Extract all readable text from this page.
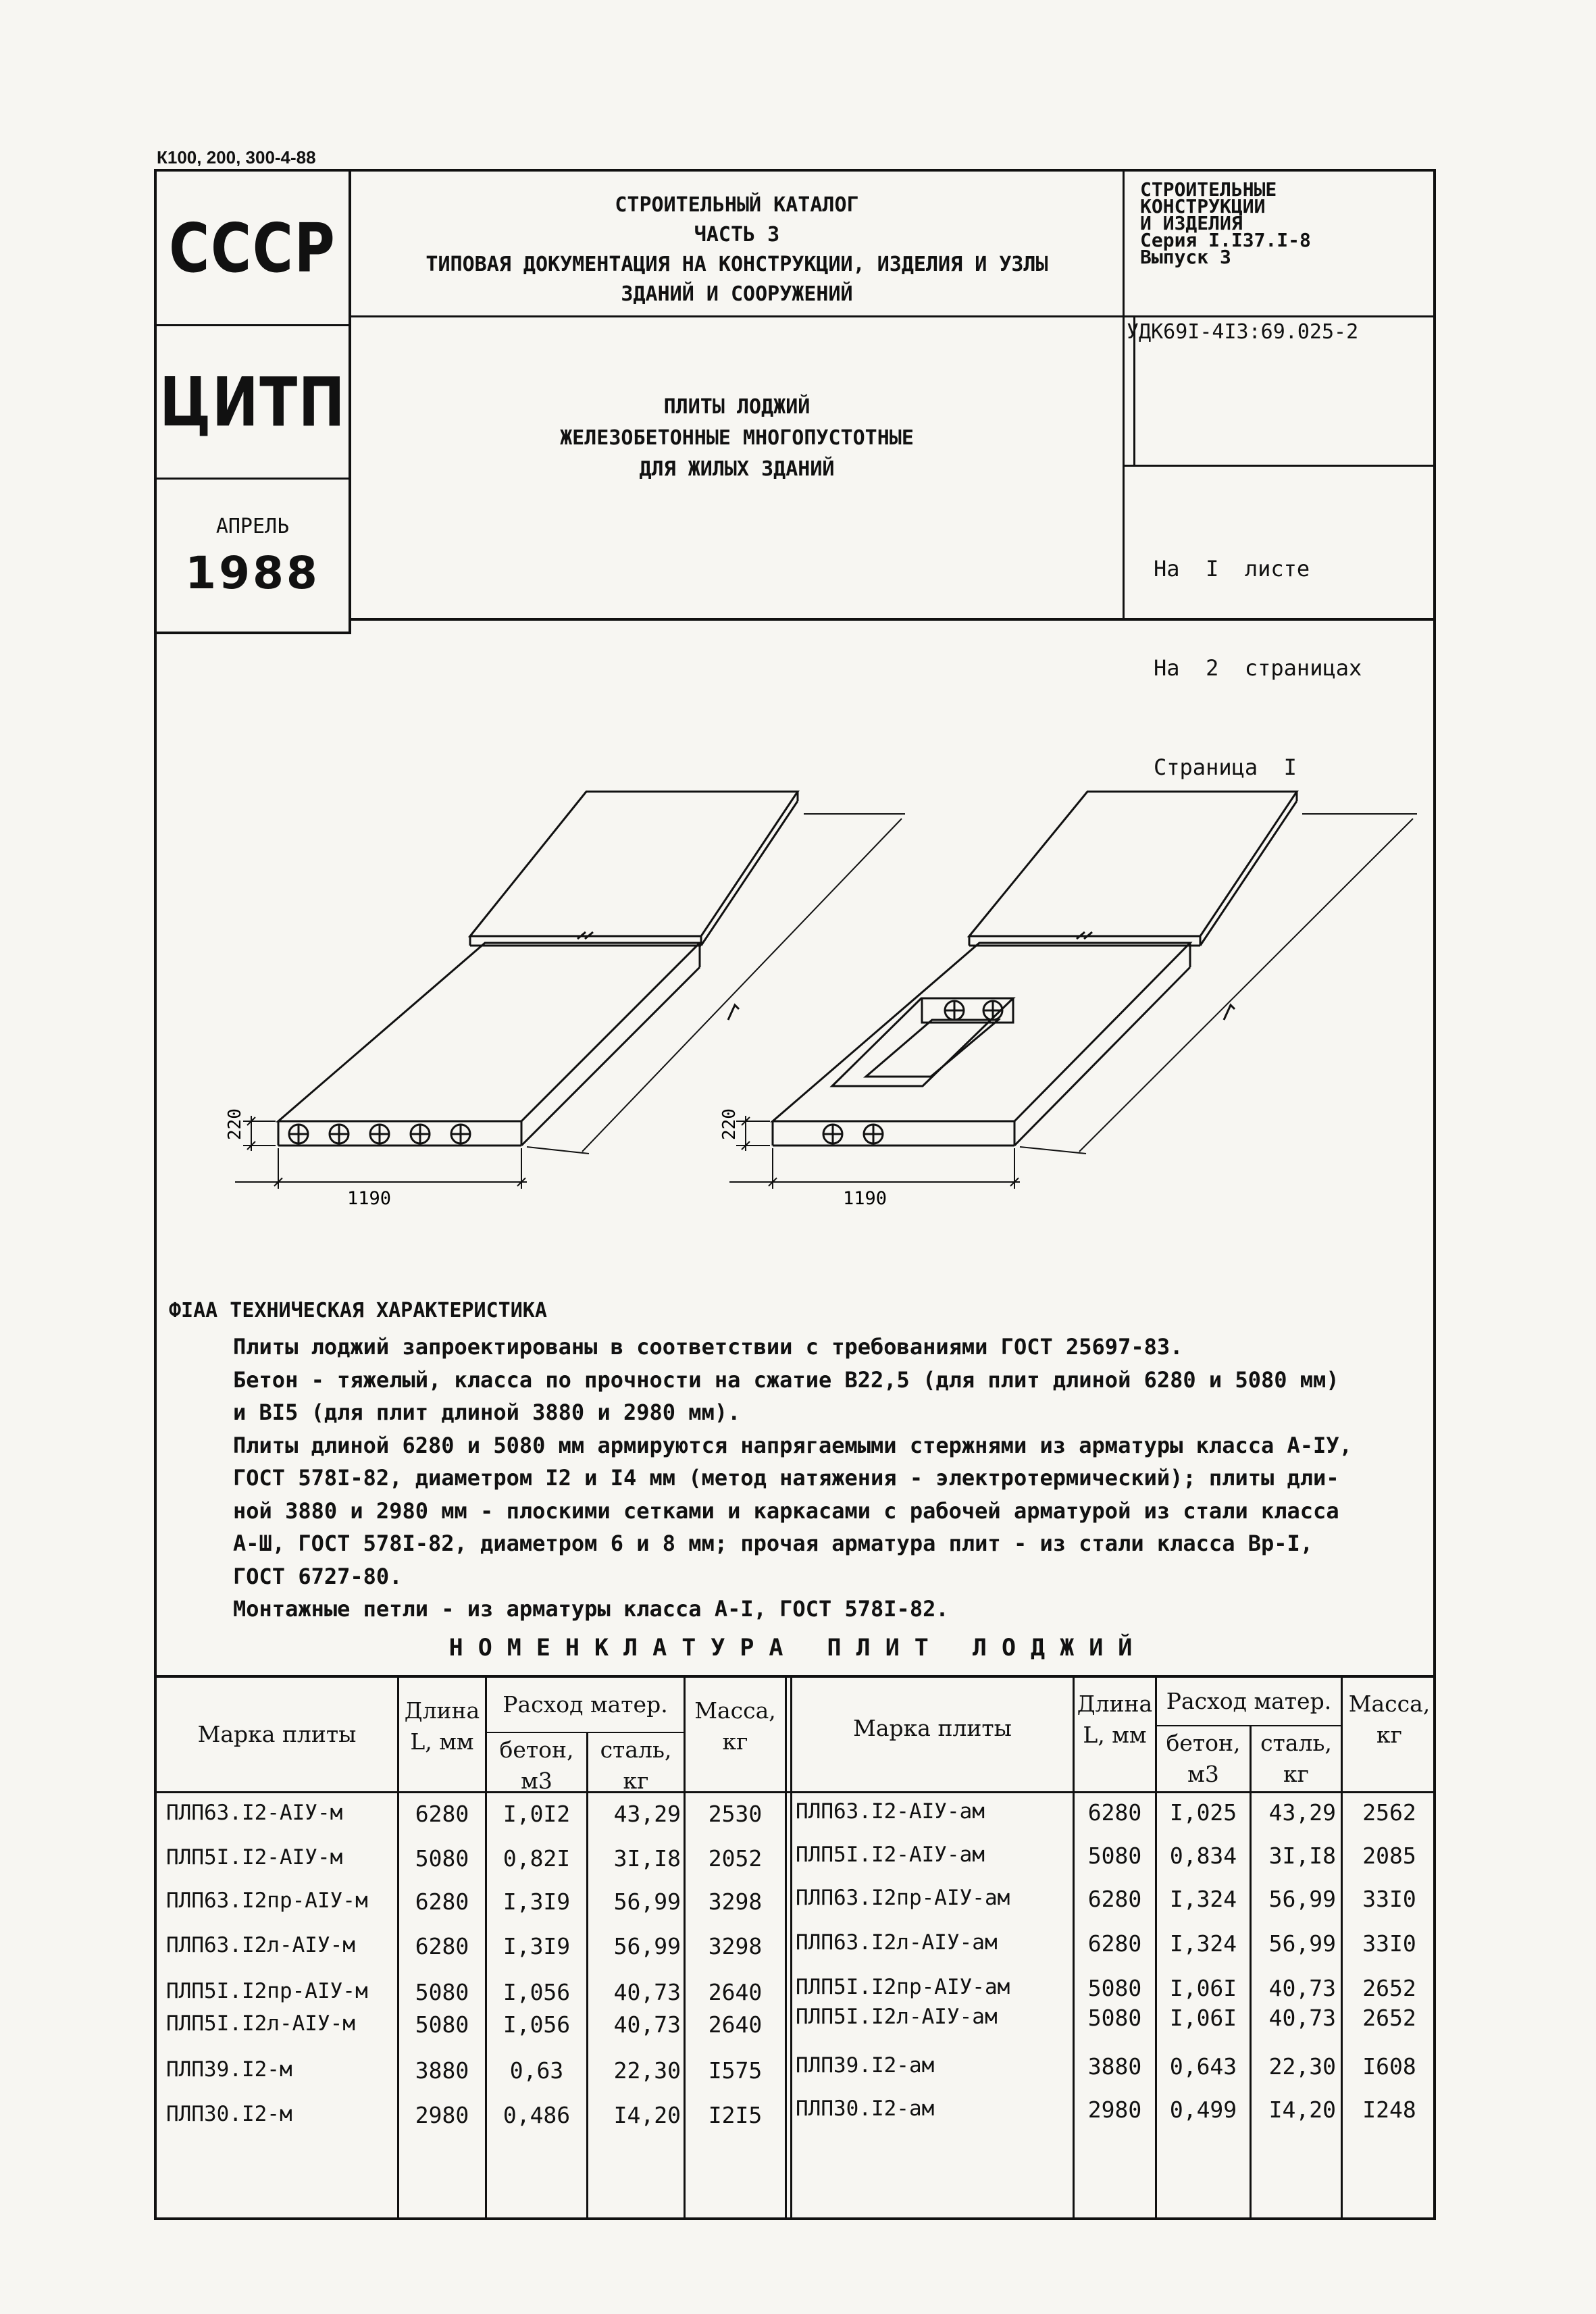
К100, 200, 300-4-88
СССР
ЦИТП
АПРЕЛЬ
1988
СТРОИТЕЛЬНЫЙ КАТАЛОГ
ЧАСТЬ 3
ТИПОВАЯ ДОКУМЕНТАЦИЯ НА КОНСТРУКЦИИ, ИЗДЕЛИЯ И УЗЛЫ
ЗДАНИЙ И СООРУЖЕНИЙ
СТРОИТЕЛЬНЫЕ
КОНСТРУКЦИИ
И ИЗДЕЛИЯ
Серия I.I37.I-8
Выпуск 3
УДК69I-4I3:69.025-2
ПЛИТЫ ЛОДЖИЙ
ЖЕЛЕЗОБЕТОННЫЕ МНОГОПУСТОТНЫЕ
ДЛЯ ЖИЛЫХ ЗДАНИЙ

На  I  листе

На  2  страницах

Страница  I

220	220
1190	1190
L	L
ФIАА ТЕХНИЧЕСКАЯ ХАРАКТЕРИСТИКА
Плиты лоджий запроектированы в соответствии с требованиями ГОСТ 25697-83.
Бетон - тяжелый, класса по прочности на сжатие B22,5 (для плит длиной 6280 и 5080 мм)
и BI5 (для плит длиной 3880 и 2980 мм).
Плиты длиной 6280 и 5080 мм армируются напрягаемыми стержнями из арматуры класса А-IУ,
ГОСТ 578I-82, диаметром I2 и I4 мм (метод натяжения - электротермический); плиты дли-
ной 3880 и 2980 мм - плоскими сетками и каркасами с рабочей арматурой из стали класса
А-Ш, ГОСТ 578I-82, диаметром 6 и 8 мм; прочая арматура плит - из стали класса Вр-I,
ГОСТ 6727-80.
Монтажные петли - из арматуры класса А-I, ГОСТ 578I-82.
НОМЕНКЛАТУРА ПЛИТ ЛОДЖИЙ
Марка плиты
Длина
L, мм
Расход матер.
бетон,
м3
сталь,
кг
Масса,
кг
Марка плиты
Длина
L, мм
Расход матер.
бетон,
м3
сталь,
кг
Масса,
кг
ПЛП63.I2-АIУ-м	6280	I,0I2	43,29	2530
ПЛП5I.I2-АIУ-м	5080	0,82I	3I,I8	2052
ПЛП63.I2пр-АIУ-м	6280	I,3I9	56,99	3298
ПЛП63.I2л-АIУ-м	6280	I,3I9	56,99	3298
ПЛП5I.I2пр-АIУ-м	5080	I,056	40,73	2640
ПЛП5I.I2л-АIУ-м	5080	I,056	40,73	2640
ПЛП39.I2-м	3880	0,63	22,30	I575
ПЛП30.I2-м	2980	0,486	I4,20	I2I5
ПЛП63.I2-АIУ-ам	6280	I,025	43,29	2562
ПЛП5I.I2-АIУ-ам	5080	0,834	3I,I8	2085
ПЛП63.I2пр-АIУ-ам	6280	I,324	56,99	33I0
ПЛП63.I2л-АIУ-ам	6280	I,324	56,99	33I0
ПЛП5I.I2пр-АIУ-ам	5080	I,06I	40,73	2652
ПЛП5I.I2л-АIУ-ам	5080	I,06I	40,73	2652
ПЛП39.I2-ам	3880	0,643	22,30	I608
ПЛП30.I2-ам	2980	0,499	I4,20	I248
